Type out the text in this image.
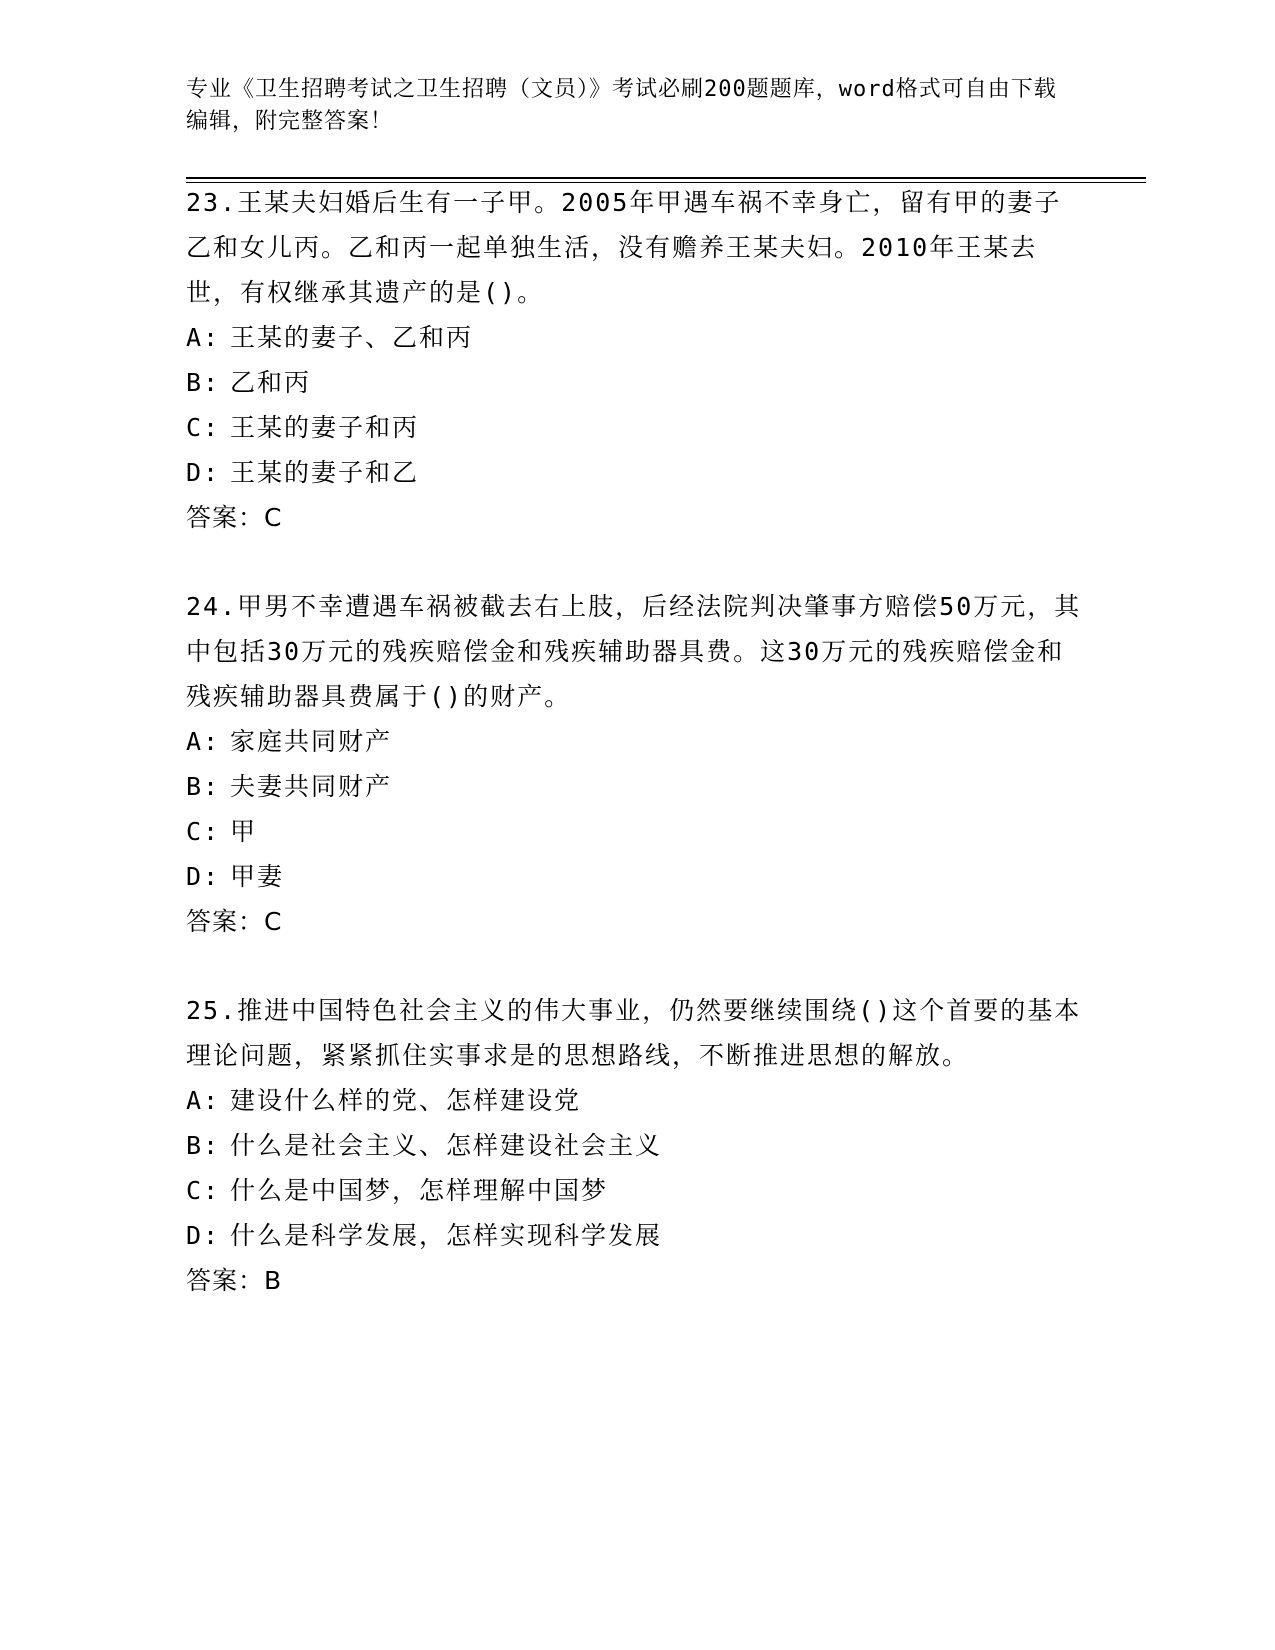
专业《卫生招聘考试之卫生招聘（文员）》考试必刷200题题库，word格式可自由下载编辑，附完整答案！

23.王某夫妇婚后生有一子甲。2005年甲遇车祸不幸身亡，留有甲的妻子乙和女儿丙。乙和丙一起单独生活，没有赡养王某夫妇。2010年王某去世，有权继承其遗产的是()。

A: 王某的妻子、乙和丙

B: 乙和丙

C: 王某的妻子和丙

D: 王某的妻子和乙

答案：C

24.甲男不幸遭遇车祸被截去右上肢，后经法院判决肇事方赔偿50万元，其中包括30万元的残疾赔偿金和残疾辅助器具费。这30万元的残疾赔偿金和残疾辅助器具费属于()的财产。

A: 家庭共同财产

B: 夫妻共同财产

C: 甲

D: 甲妻

答案：C

25.推进中国特色社会主义的伟大事业，仍然要继续围绕()这个首要的基本理论问题，紧紧抓住实事求是的思想路线，不断推进思想的解放。

A: 建设什么样的党、怎样建设党

B: 什么是社会主义、怎样建设社会主义

C: 什么是中国梦，怎样理解中国梦

D: 什么是科学发展，怎样实现科学发展

答案：B
